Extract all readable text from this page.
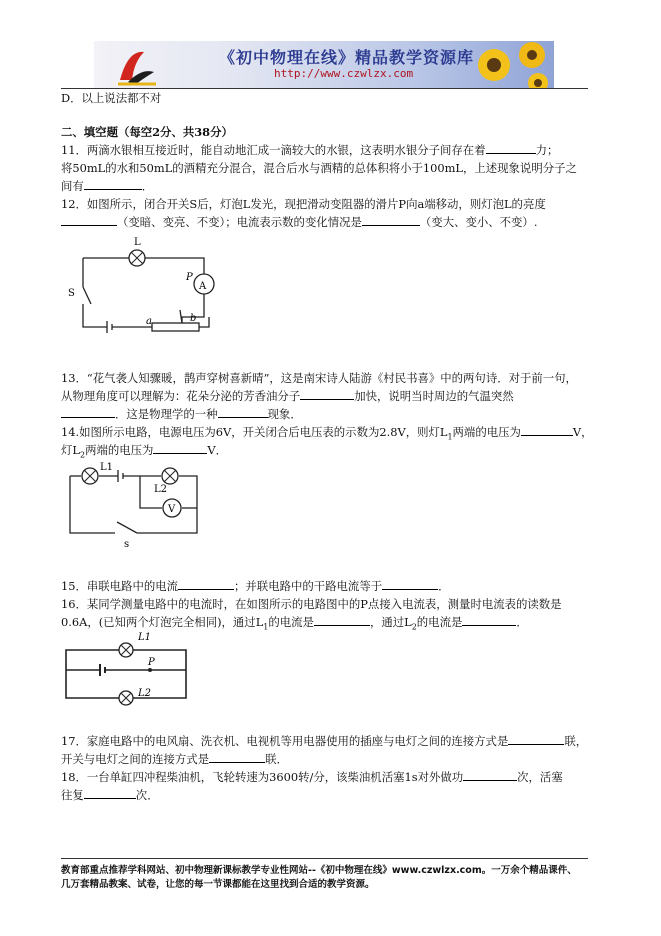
《初中物理在线》精品教学资源库
http://www.czwlzx.com
D．以上说法都不对
二、填空题（每空2分、共38分）
11．两滴水银相互接近时，能自动地汇成一滴较大的水银，这表明水银分子间存在着	力；
将50mL的水和50mL的酒精充分混合，混合后水与酒精的总体积将小于100mL，上述现象说明分子之
间有	．
12．如图所示，闭合开关S后，灯泡L发光，现把滑动变阻器的滑片P向a端移动，则灯泡L的亮度
（变暗、变亮、不变）；电流表示数的变化情况是	（变大、变小、不变）.
A
L
S
P
a	b
13．“花气袭人知骤暖，鹊声穿树喜新晴”，这是南宋诗人陆游《村民书喜》中的两句诗．对于前一句，
从物理角度可以理解为：花朵分泌的芳香油分子	加快，说明当时周边的气温突然
．这是物理学的一种	现象．
14.如图所示电路，电源电压为6V，开关闭合后电压表的示数为2.8V，则灯$L_1$两端的电压为	V，
灯$L_2$两端的电压为	V．
V
L1
L2
s
15．串联电路中的电流	；并联电路中的干路电流等于	．
16．某同学测量电路中的电流时，在如图所示的电路图中的P点接入电流表，测量时电流表的读数是
0.6A，(已知两个灯泡完全相同)，通过$L_1$的电流是	，通过$L_2$的电流是	．
L1
L2
P
17．家庭电路中的电风扇、洗衣机、电视机等用电器使用的插座与电灯之间的连接方式是	联，
开关与电灯之间的连接方式是	联．
18．一台单缸四冲程柴油机，飞轮转速为3600转/分，该柴油机活塞1s对外做功	次，活塞
往复	次．
教育部重点推荐学科网站、初中物理新课标教学专业性网站--《初中物理在线》www.czwlzx.com。一万余个精品课件、
几万套精品教案、试卷，让您的每一节课都能在这里找到合适的教学资源。
